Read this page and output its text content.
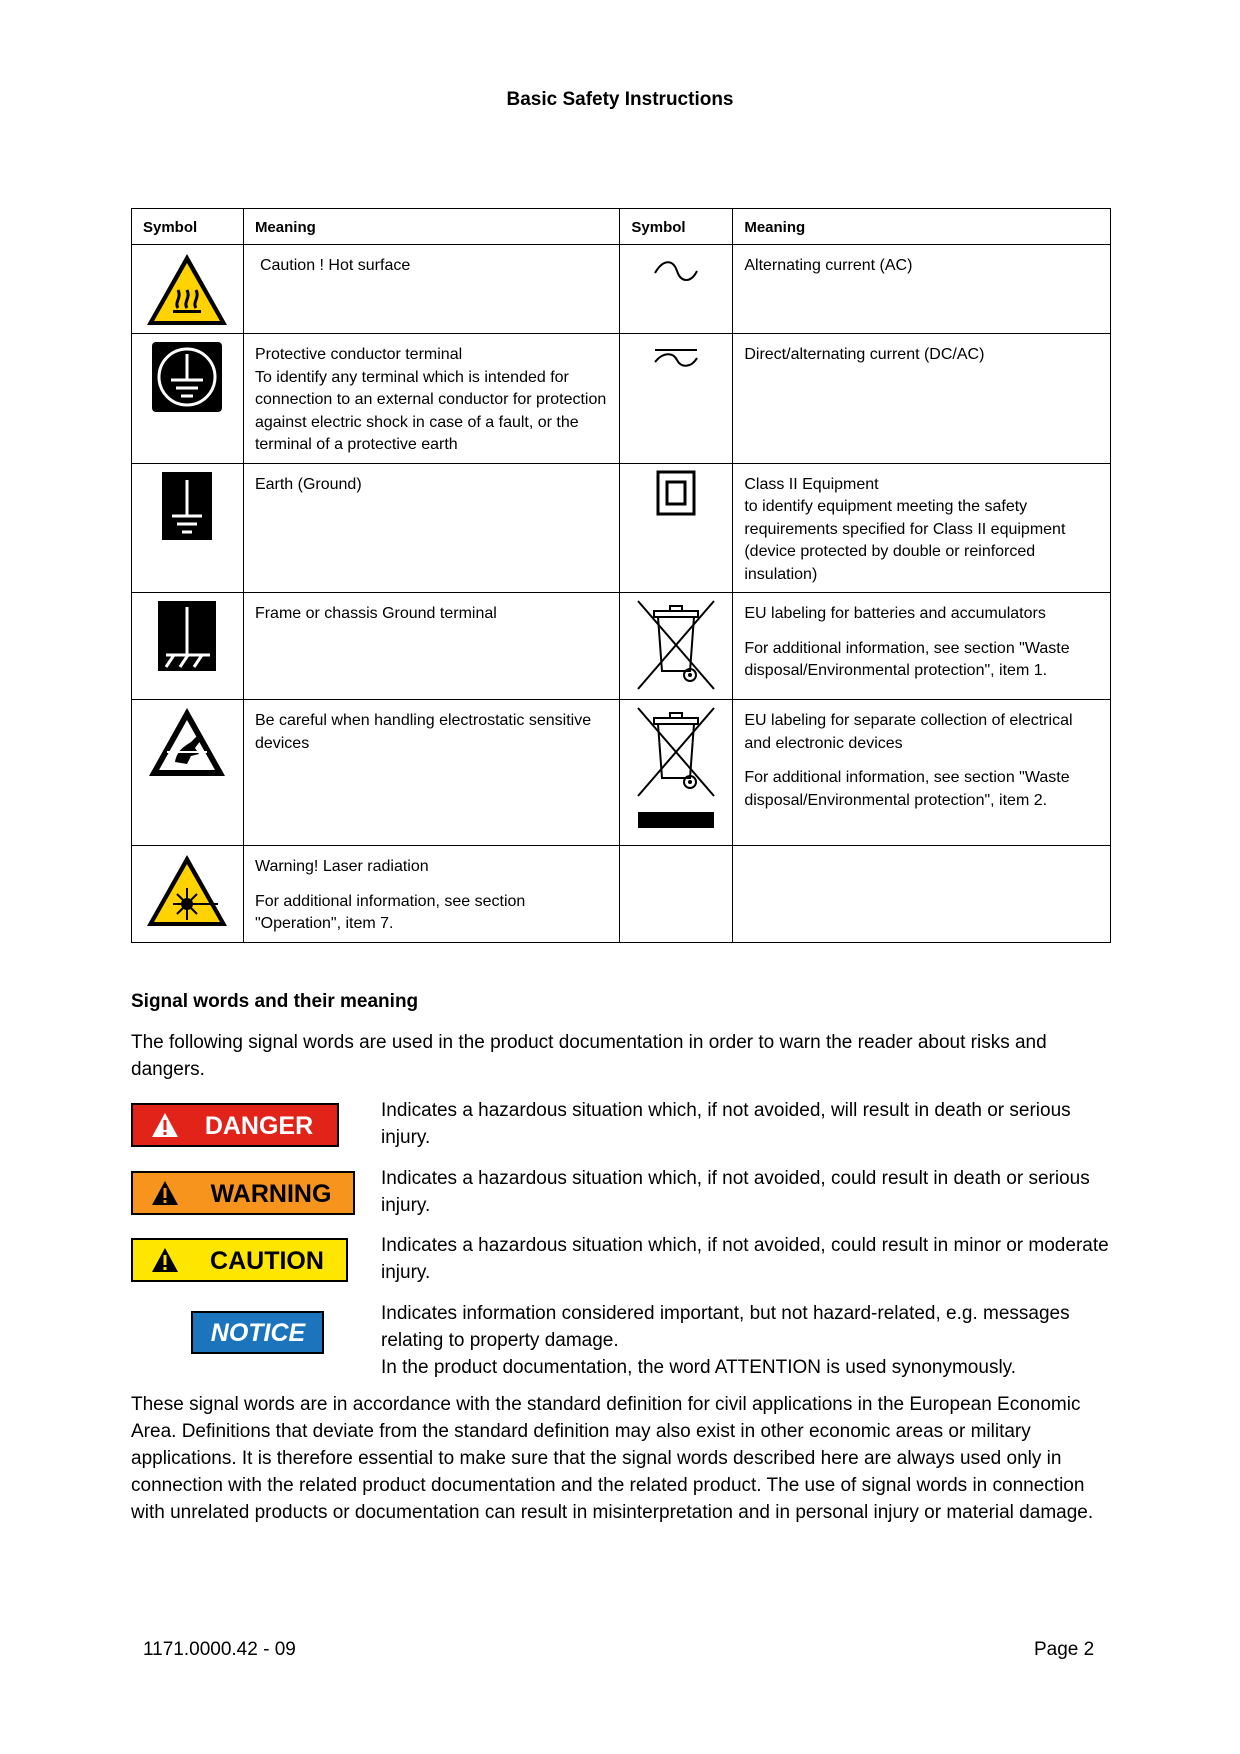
Basic Safety Instructions
Symbol	Meaning	Symbol	Meaning

Caution ! Hot surface		Alternating current (AC)

Protective conductor terminal
To identify any terminal which is intended for connection to an external conductor for protection against electric shock in case of a fault, or the terminal of a protective earth		Direct/alternating current (DC/AC)

Earth (Ground)		Class II Equipment
to identify equipment meeting the safety requirements specified for Class II equipment (device protected by double or reinforced insulation)

Frame or chassis Ground terminal		EU labeling for batteries and accumulators

For additional information, see section "Waste disposal/Environmental protection", item 1.

Be careful when handling electrostatic sensitive devices		EU labeling for separate collection of electrical and electronic devices

For additional information, see section "Waste disposal/Environmental protection", item 2.

Warning! Laser radiation

For additional information, see section "Operation", item 7.		

Signal words and their meaning
The following signal words are used in the product documentation in order to warn the reader about risks and dangers.
DANGER

Indicates a hazardous situation which, if not avoided, will result in death or serious injury.

WARNING

Indicates a hazardous situation which, if not avoided, could result in death or serious injury.

CAUTION

Indicates a hazardous situation which, if not avoided, could result in minor or moderate injury.

NOTICE

Indicates information considered important, but not hazard-related, e.g. messages relating to property damage.

In the product documentation, the word ATTENTION is used synonymously.

These signal words are in accordance with the standard definition for civil applications in the European Economic Area. Definitions that deviate from the standard definition may also exist in other economic areas or military applications. It is therefore essential to make sure that the signal words described here are always used only in connection with the related product documentation and the related product. The use of signal words in connection with unrelated products or documentation can result in misinterpretation and in personal injury or material damage.
1171.0000.42 - 09	Page 2
